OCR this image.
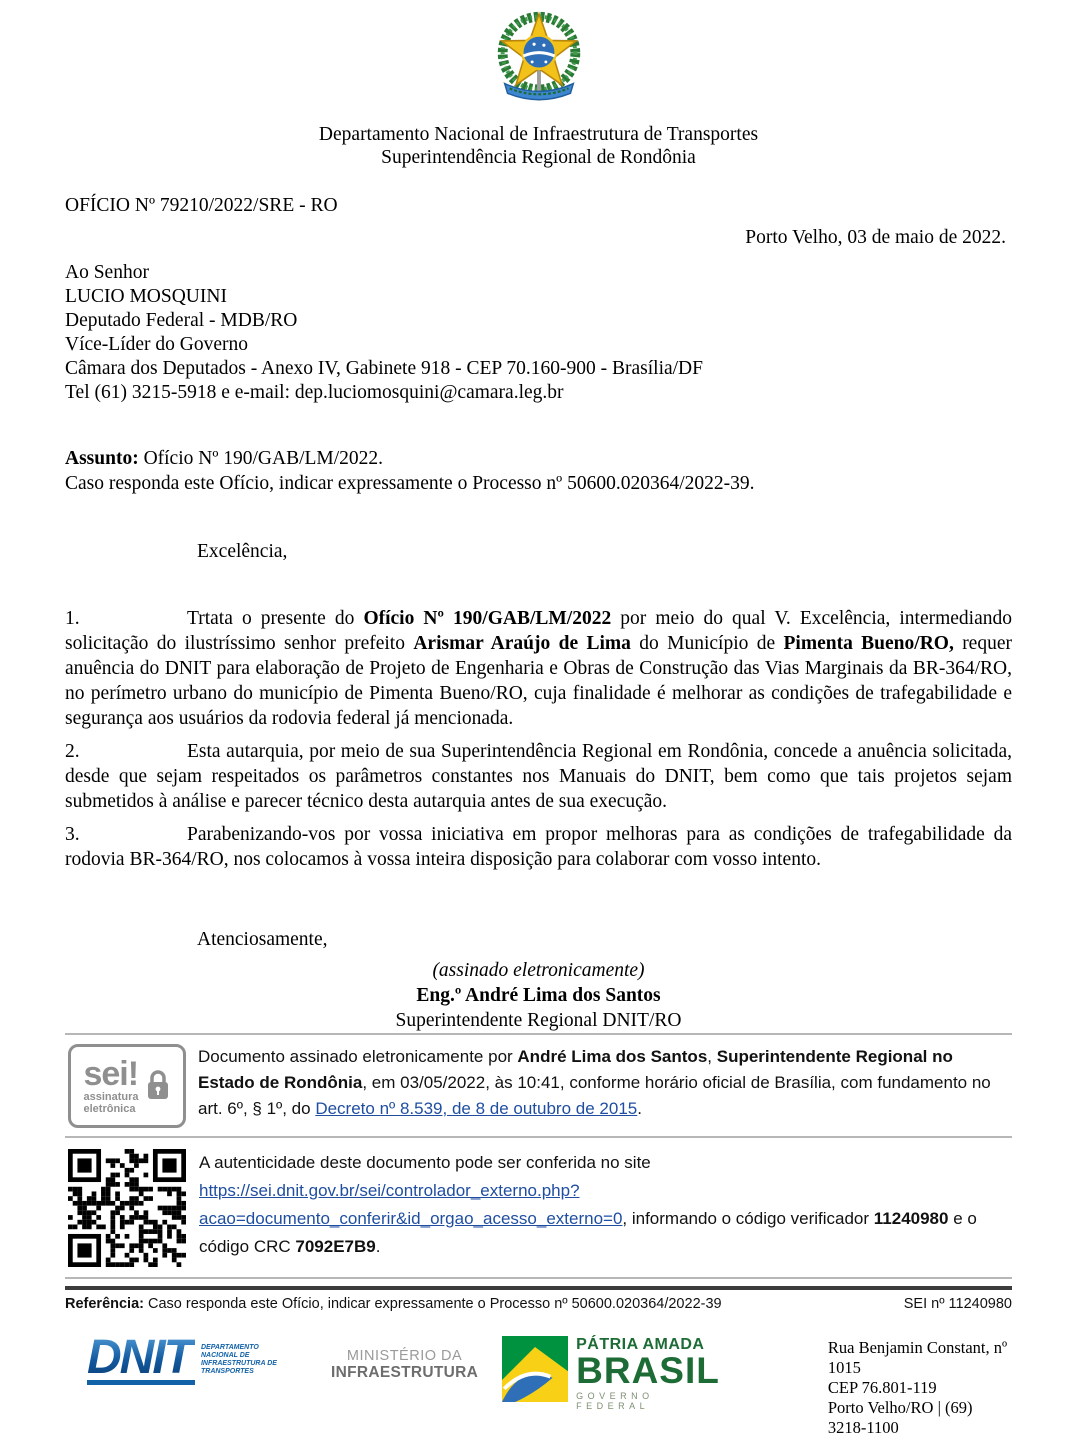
Departamento Nacional de Infraestrutura de Transportes
Superintendência Regional de Rondônia
OFÍCIO Nº 79210/2022/SRE - RO
Porto Velho, 03 de maio de 2022.
Ao Senhor
LUCIO MOSQUINI
Deputado Federal - MDB/RO
Více-Líder do Governo
Câmara dos Deputados - Anexo IV, Gabinete 918 - CEP 70.160-900 - Brasília/DF
Tel (61) 3215-5918 e e-mail: dep.luciomosquini@camara.leg.br
Assunto: Ofício Nº 190/GAB/LM/2022.
Caso responda este Ofício, indicar expressamente o Processo nº 50600.020364/2022-39.
Excelência,

1.	Trtata o presente do Ofício Nº 190/GAB/LM/2022 por meio do qual V. Excelência, intermediando solicitação do ilustríssimo senhor prefeito Arismar Araújo de Lima do Município de Pimenta Bueno/RO, requer anuência do DNIT para elaboração de Projeto de Engenharia e Obras de Construção das Vias Marginais da BR-364/RO, no perímetro urbano do município de Pimenta Bueno/RO, cuja finalidade é melhorar as condições de trafegabilidade e segurança aos usuários da rodovia federal já mencionada.

2.	Esta autarquia, por meio de sua Superintendência Regional em Rondônia, concede a anuência solicitada, desde que sejam respeitados os parâmetros constantes nos Manuais do DNIT, bem como que tais projetos sejam submetidos à análise e parecer técnico desta autarquia antes de sua execução.

3.	Parabenizando-vos por vossa iniciativa em propor melhoras para as condições de trafegabilidade da rodovia BR-364/RO, nos colocamos à vossa inteira disposição para colaborar com vosso intento.

Atenciosamente,
(assinado eletronicamente)
Eng.º André Lima dos Santos
Superintendente Regional DNIT/RO
sei!
assinatura
eletrônica
Documento assinado eletronicamente por André Lima dos Santos, Superintendente Regional no Estado de Rondônia, em 03/05/2022, às 10:41, conforme horário oficial de Brasília, com fundamento no art. 6º, § 1º, do Decreto nº 8.539, de 8 de outubro de 2015.
A autenticidade deste documento pode ser conferida no site
https://sei.dnit.gov.br/sei/controlador_externo.php?
acao=documento_conferir&id_orgao_acesso_externo=0, informando o código verificador 11240980 e o código CRC 7092E7B9.
Referência: Caso responda este Ofício, indicar expressamente o Processo nº 50600.020364/2022-39	SEI nº 11240980
DNIT	DEPARTAMENTO NACIONAL DE INFRAESTRUTURA DE TRANSPORTES
MINISTÉRIO DA
INFRAESTRUTURA
PÁTRIA AMADA
BRASIL
GOVERNO FEDERAL
Rua Benjamin Constant, nº 1015
CEP 76.801-119
Porto Velho/RO | (69) 3218-1100
